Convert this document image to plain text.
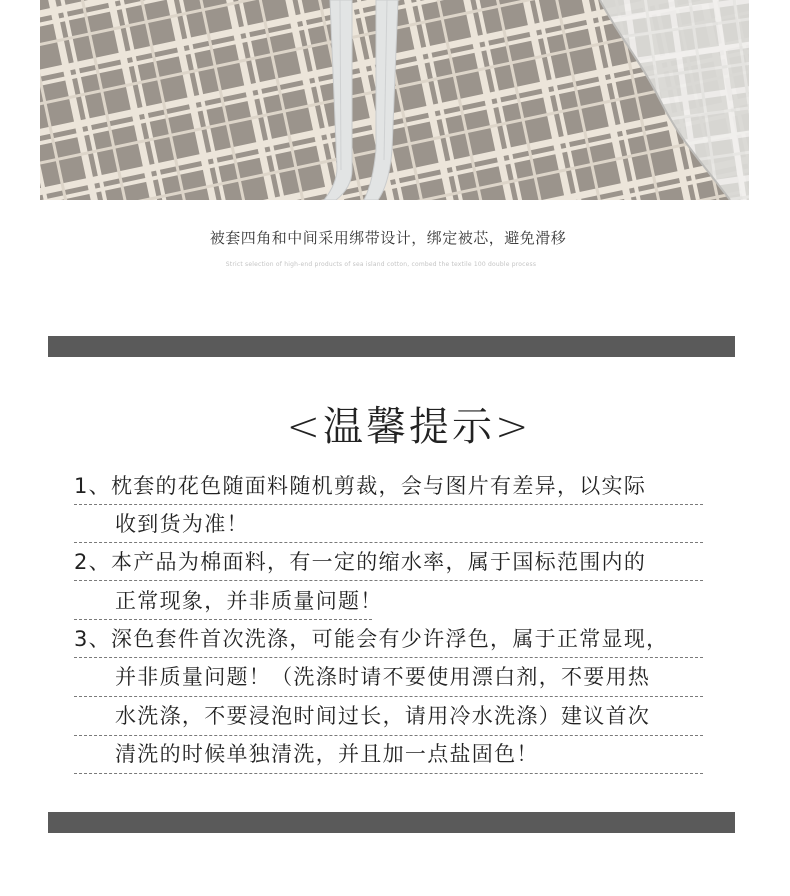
被套四角和中间采用绑带设计，绑定被芯，避免滑移
Strict selection of high-end products of sea island cotton, combed the textile 100 double process
<温馨提示>
1、枕套的花色随面料随机剪裁，会与图片有差异，以实际
收到货为准！
2、本产品为棉面料，有一定的缩水率，属于国标范围内的
正常现象，并非质量问题！
3、深色套件首次洗涤，可能会有少许浮色，属于正常显现，
并非质量问题！（洗涤时请不要使用漂白剂，不要用热
水洗涤，不要浸泡时间过长，请用冷水洗涤）建议首次
清洗的时候单独清洗，并且加一点盐固色！
